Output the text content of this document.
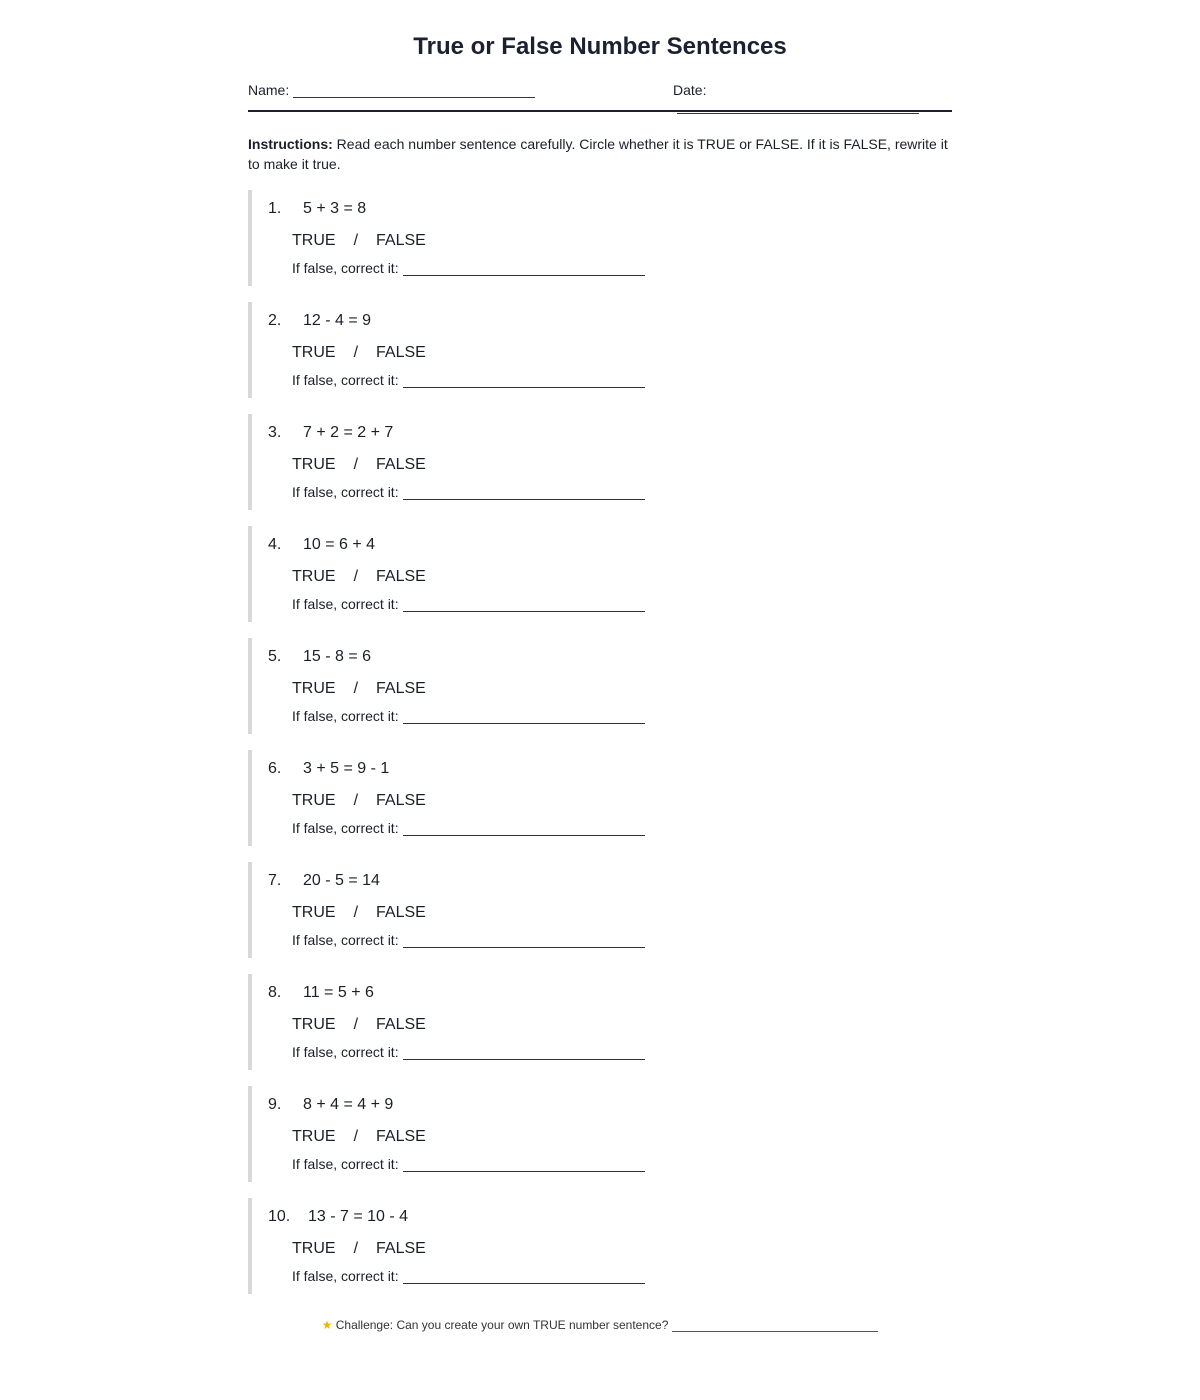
True or False Number Sentences
Name:	Date:
Instructions: Read each number sentence carefully. Circle whether it is TRUE or FALSE. If it is FALSE, rewrite it to make it true.
1. 5 + 3 = 8
TRUE / FALSE
If false, correct it:
2. 12 - 4 = 9
TRUE / FALSE
If false, correct it:
3. 7 + 2 = 2 + 7
TRUE / FALSE
If false, correct it:
4. 10 = 6 + 4
TRUE / FALSE
If false, correct it:
5. 15 - 8 = 6
TRUE / FALSE
If false, correct it:
6. 3 + 5 = 9 - 1
TRUE / FALSE
If false, correct it:
7. 20 - 5 = 14
TRUE / FALSE
If false, correct it:
8. 11 = 5 + 6
TRUE / FALSE
If false, correct it:
9. 8 + 4 = 4 + 9
TRUE / FALSE
If false, correct it:
10. 13 - 7 = 10 - 4
TRUE / FALSE
If false, correct it:
★ Challenge: Can you create your own TRUE number sentence?
